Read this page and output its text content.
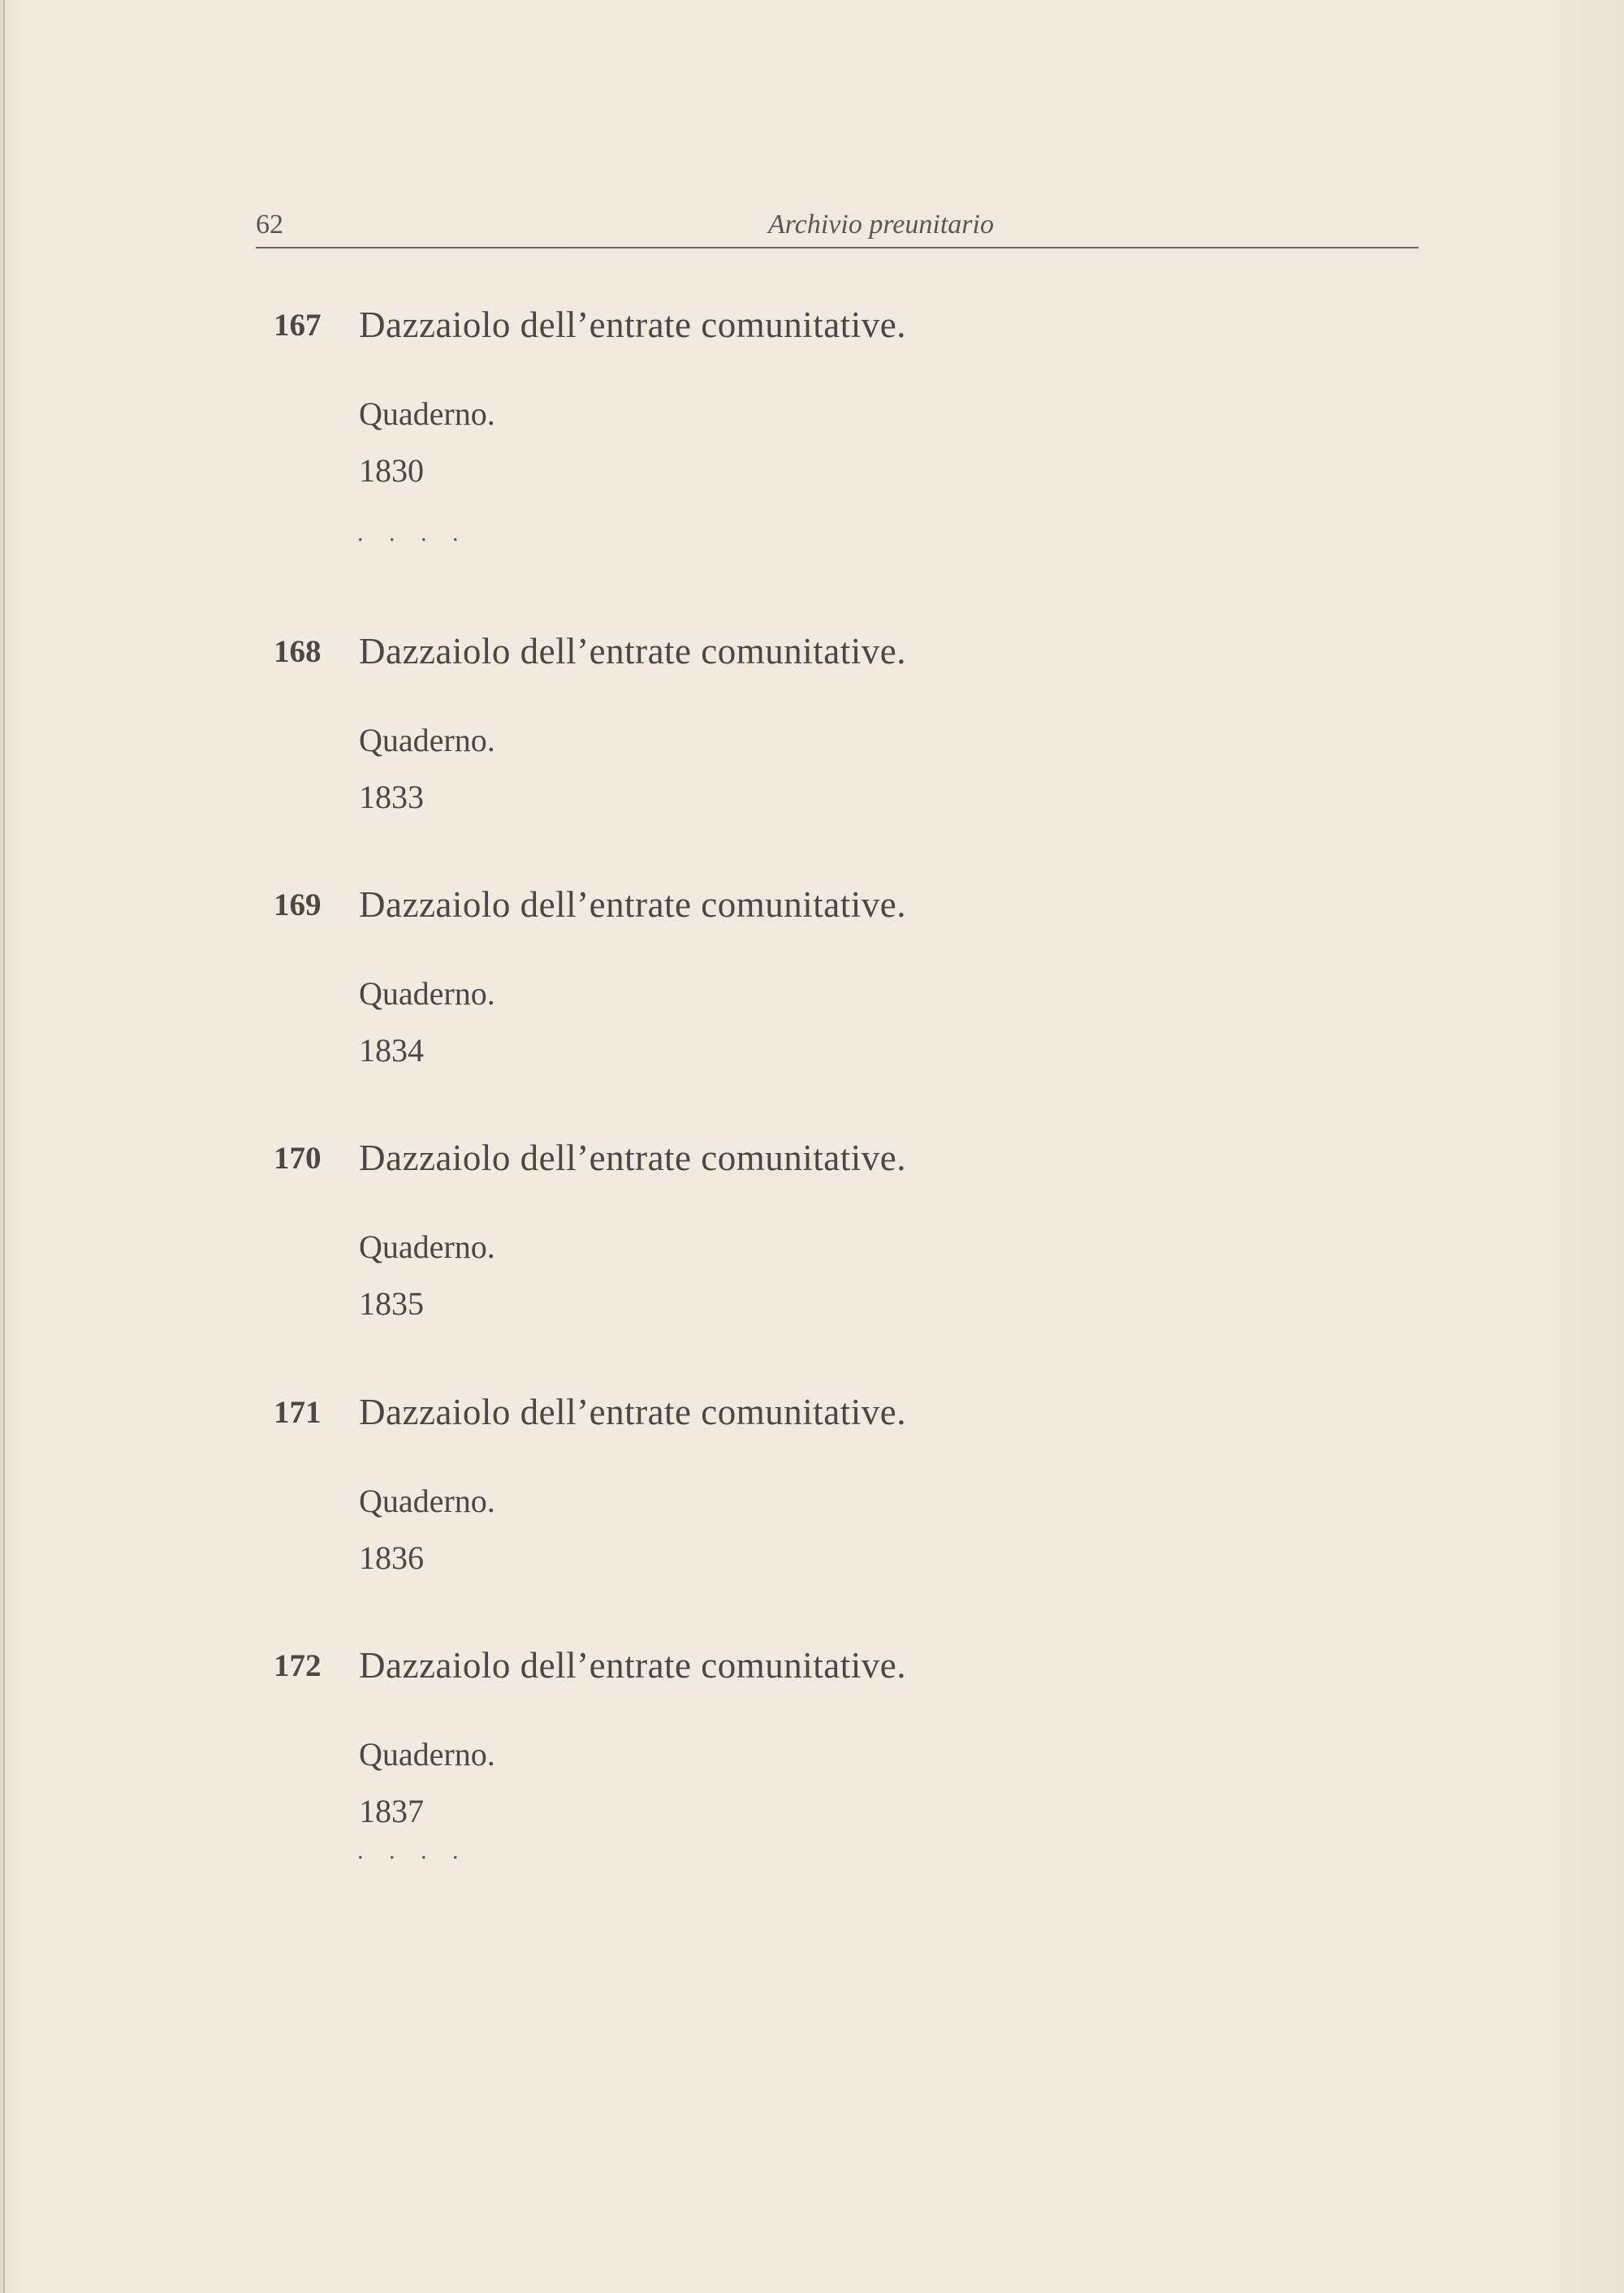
62	Archivio preunitario
167	Dazzaiolo dell’entrate comunitative.
Quaderno.
1830
. . . .
168	Dazzaiolo dell’entrate comunitative.
Quaderno.
1833
169	Dazzaiolo dell’entrate comunitative.
Quaderno.
1834
170	Dazzaiolo dell’entrate comunitative.
Quaderno.
1835
171	Dazzaiolo dell’entrate comunitative.
Quaderno.
1836
172	Dazzaiolo dell’entrate comunitative.
Quaderno.
1837
. . . .
